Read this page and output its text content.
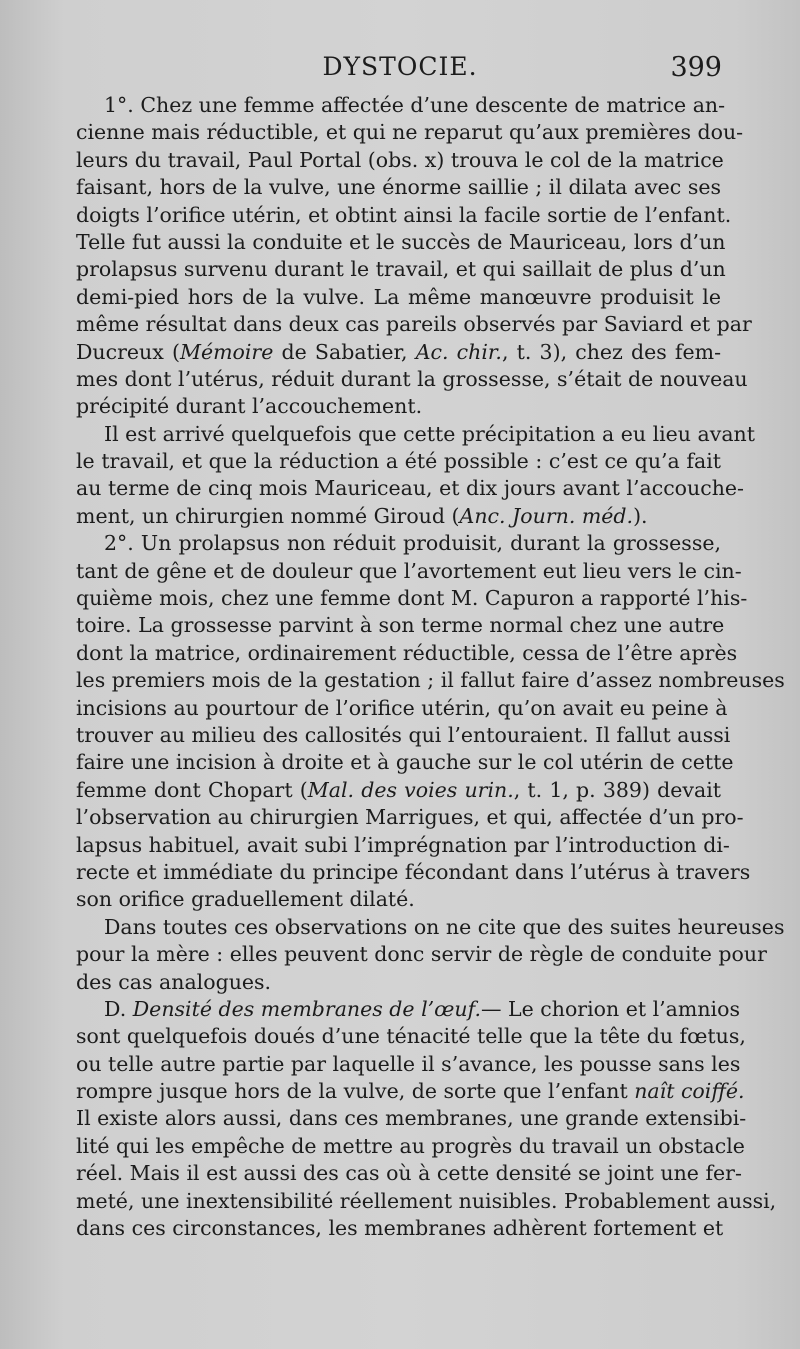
DYSTOCIE.	399
1°. Chez une femme affectée d’une descente de matrice an-
cienne mais réductible, et qui ne reparut qu’aux premières dou-
leurs du travail, Paul Portal (obs. x) trouva le col de la matrice
faisant, hors de la vulve, une énorme saillie ; il dilata avec ses
doigts l’orifice utérin, et obtint ainsi la facile sortie de l’enfant.
Telle fut aussi la conduite et le succès de Mauriceau, lors d’un
prolapsus survenu durant le travail, et qui saillait de plus d’un
demi-pied hors de la vulve. La même manœuvre produisit le
même résultat dans deux cas pareils observés par Saviard et par
Ducreux (Mémoire de Sabatier, Ac. chir., t. 3), chez des fem-
mes dont l’utérus, réduit durant la grossesse, s’était de nouveau
précipité durant l’accouchement.
Il est arrivé quelquefois que cette précipitation a eu lieu avant
le travail, et que la réduction a été possible : c’est ce qu’a fait
au terme de cinq mois Mauriceau, et dix jours avant l’accouche-
ment, un chirurgien nommé Giroud (Anc. Journ. méd.).
2°. Un prolapsus non réduit produisit, durant la grossesse,
tant de gêne et de douleur que l’avortement eut lieu vers le cin-
quième mois, chez une femme dont M. Capuron a rapporté l’his-
toire. La grossesse parvint à son terme normal chez une autre
dont la matrice, ordinairement réductible, cessa de l’être après
les premiers mois de la gestation ; il fallut faire d’assez nombreuses
incisions au pourtour de l’orifice utérin, qu’on avait eu peine à
trouver au milieu des callosités qui l’entouraient. Il fallut aussi
faire une incision à droite et à gauche sur le col utérin de cette
femme dont Chopart (Mal. des voies urin., t. 1, p. 389) devait
l’observation au chirurgien Marrigues, et qui, affectée d’un pro-
lapsus habituel, avait subi l’imprégnation par l’introduction di-
recte et immédiate du principe fécondant dans l’utérus à travers
son orifice graduellement dilaté.
Dans toutes ces observations on ne cite que des suites heureuses
pour la mère : elles peuvent donc servir de règle de conduite pour
des cas analogues.
D. Densité des membranes de l’œuf.— Le chorion et l’amnios
sont quelquefois doués d’une ténacité telle que la tête du fœtus,
ou telle autre partie par laquelle il s’avance, les pousse sans les
rompre jusque hors de la vulve, de sorte que l’enfant naît coiffé.
Il existe alors aussi, dans ces membranes, une grande extensibi-
lité qui les empêche de mettre au progrès du travail un obstacle
réel. Mais il est aussi des cas où à cette densité se joint une fer-
meté, une inextensibilité réellement nuisibles. Probablement aussi,
dans ces circonstances, les membranes adhèrent fortement et
